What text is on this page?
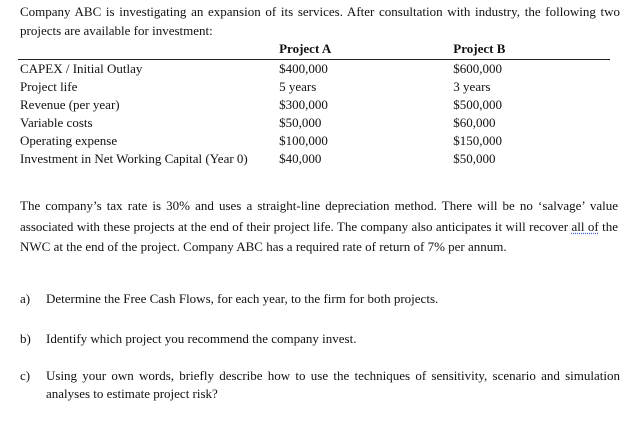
Company ABC is investigating an expansion of its services. After consultation with industry, the following two projects are available for investment:
	Project A	Project B
CAPEX / Initial Outlay	$400,000	$600,000
Project life	5 years	3 years
Revenue (per year)	$300,000	$500,000
Variable costs	$50,000	$60,000
Operating expense	$100,000	$150,000
Investment in Net Working Capital (Year 0)	$40,000	$50,000
The company’s tax rate is 30% and uses a straight-line depreciation method. There will be no ‘salvage’ value associated with these projects at the end of their project life. The company also anticipates it will recover all of the NWC at the end of the project. Company ABC has a required rate of return of 7% per annum.
a) Determine the Free Cash Flows, for each year, to the firm for both projects.
b) Identify which project you recommend the company invest.
c) Using your own words, briefly describe how to use the techniques of sensitivity, scenario and simulation analyses to estimate project risk?
